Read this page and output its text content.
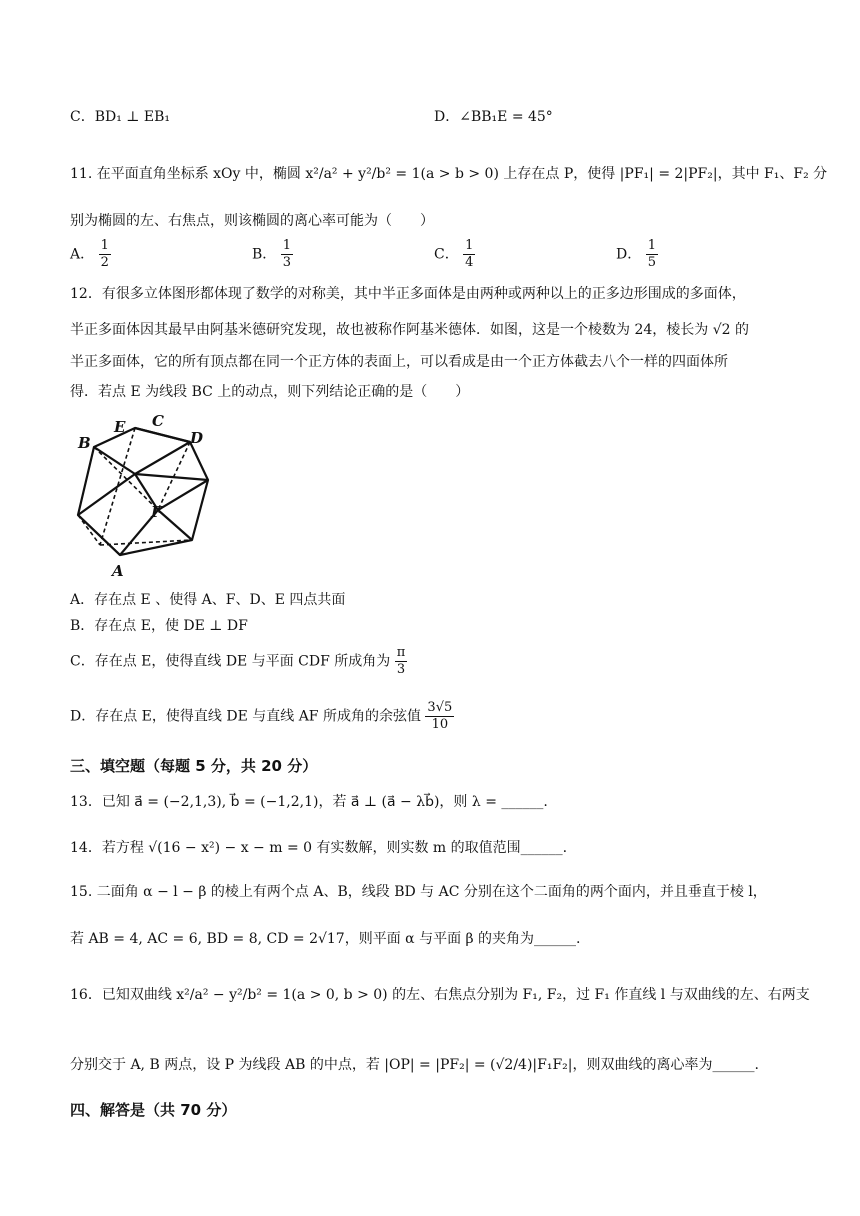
C．BD₁ ⊥ EB₁	D．∠BB₁E = 45°
11. 在平面直角坐标系 xOy 中，椭圆 x²/a² + y²/b² = 1(a > b > 0) 上存在点 P，使得 |PF₁| = 2|PF₂|，其中 F₁、F₂ 分
别为椭圆的左、右焦点，则该椭圆的离心率可能为（　　）
A． $\frac{1}{2}$	B． $\frac{1}{3}$	C． $\frac{1}{4}$	D． $\frac{1}{5}$
12．有很多立体图形都体现了数学的对称美，其中半正多面体是由两种或两种以上的正多边形围成的多面体，
半正多面体因其最早由阿基米德研究发现，故也被称作阿基米德体．如图，这是一个棱数为 24，棱长为 √2 的
半正多面体，它的所有顶点都在同一个正方体的表面上，可以看成是由一个正方体截去八个一样的四面体所
得．若点 E 为线段 BC 上的动点，则下列结论正确的是（　　）
B
E C
D
F
A
A．存在点 E 、使得 A、F、D、E 四点共面
B．存在点 E，使 DE ⊥ DF
C．存在点 E，使得直线 DE 与平面 CDF 所成角为 $\frac{\pi}{3}$
D．存在点 E，使得直线 DE 与直线 AF 所成角的余弦值 $\frac{3√5}{10}$
三、填空题（每题 5 分，共 20 分）
13．已知 a⃗ = (−2,1,3), b⃗ = (−1,2,1)，若 a⃗ ⊥ (a⃗ − λb⃗)，则 λ = ______.
14．若方程 √(16 − x²) − x − m = 0 有实数解，则实数 m 的取值范围______.
15. 二面角 α − l − β 的棱上有两个点 A、B，线段 BD 与 AC 分别在这个二面角的两个面内，并且垂直于棱 l，
若 AB = 4, AC = 6, BD = 8, CD = 2√17，则平面 α 与平面 β 的夹角为______.
16．已知双曲线 x²/a² − y²/b² = 1(a > 0, b > 0) 的左、右焦点分别为 F₁, F₂，过 F₁ 作直线 l 与双曲线的左、右两支
分别交于 A, B 两点，设 P 为线段 AB 的中点，若 |OP| = |PF₂| = (√2/4)|F₁F₂|，则双曲线的离心率为______.
四、解答是（共 70 分）
